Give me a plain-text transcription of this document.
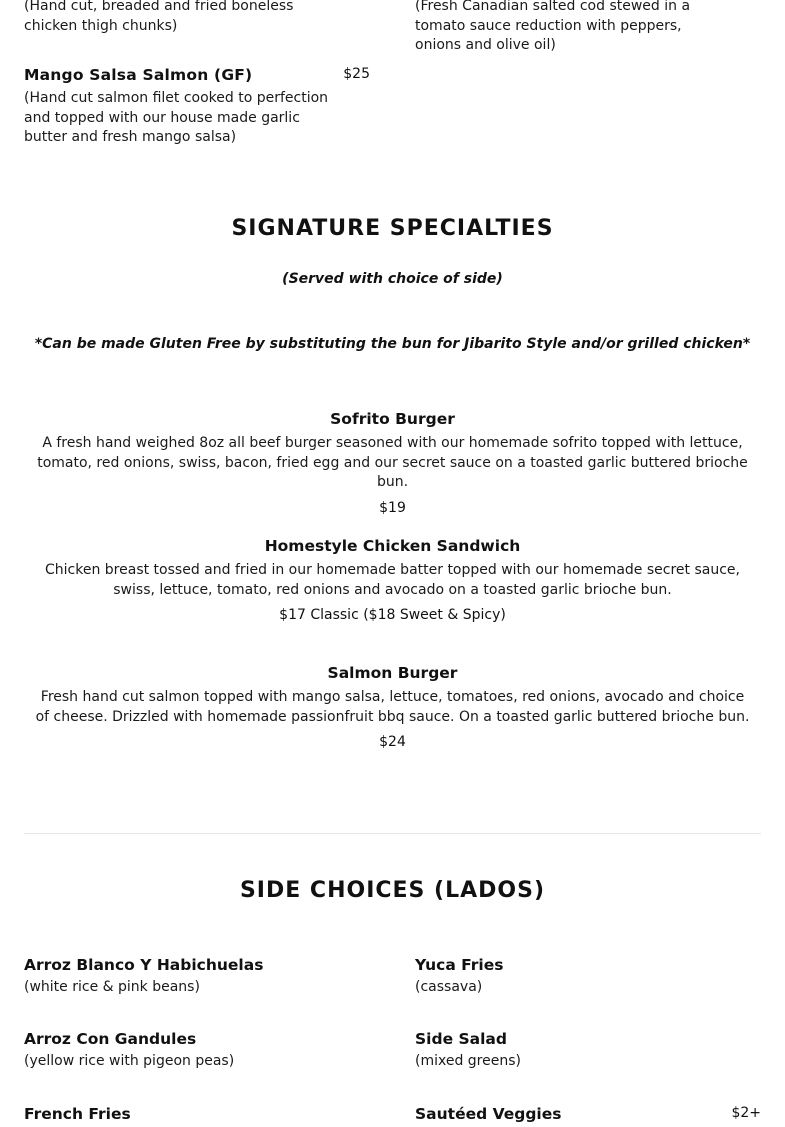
(Hand cut, breaded and fried boneless chicken thigh chunks)
(Fresh Canadian salted cod stewed in a tomato sauce reduction with peppers, onions and olive oil)
Mango Salsa Salmon (GF)	$25
(Hand cut salmon filet cooked to perfection and topped with our house made garlic butter and fresh mango salsa)
SIGNATURE SPECIALTIES
(Served with choice of side)
*Can be made Gluten Free by substituting the bun for Jibarito Style and/or grilled chicken*
Sofrito Burger
A fresh hand weighed 8oz all beef burger seasoned with our homemade sofrito topped with lettuce, tomato, red onions, swiss, bacon, fried egg and our secret sauce on a toasted garlic buttered brioche bun.
$19
Homestyle Chicken Sandwich
Chicken breast tossed and fried in our homemade batter topped with our homemade secret sauce, swiss, lettuce, tomato, red onions and avocado on a toasted garlic brioche bun.
$17 Classic ($18 Sweet & Spicy)
Salmon Burger
Fresh hand cut salmon topped with mango salsa, lettuce, tomatoes, red onions, avocado and choice of cheese. Drizzled with homemade passionfruit bbq sauce. On a toasted garlic buttered brioche bun.
$24
SIDE CHOICES (LADOS)
Arroz Blanco Y Habichuelas
(white rice & pink beans)
Yuca Fries
(cassava)
Arroz Con Gandules
(yellow rice with pigeon peas)
Side Salad
(mixed greens)
French Fries	Sautéed Veggies	$2+
